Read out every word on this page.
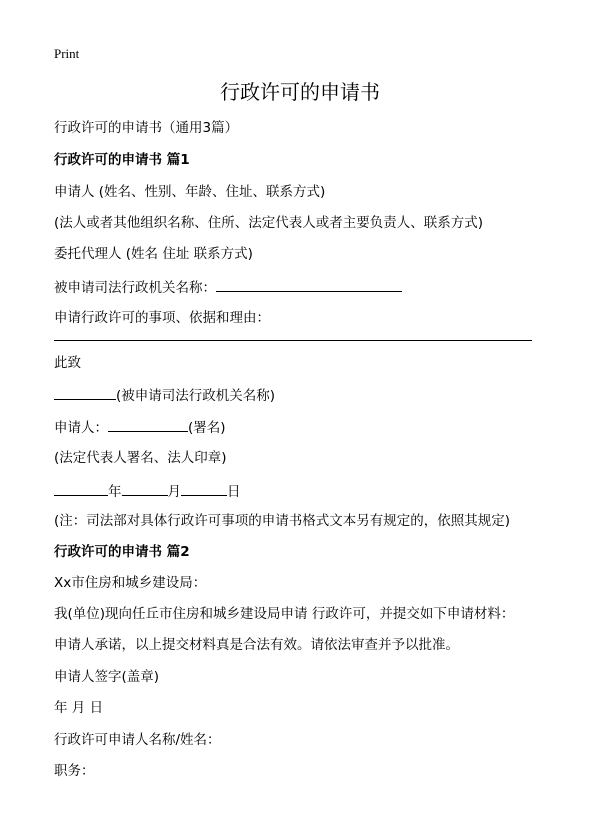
Print
行政许可的申请书
行政许可的申请书（通用3篇）
行政许可的申请书 篇1
申请人 (姓名、性别、年龄、住址、联系方式)
(法人或者其他组织名称、住所、法定代表人或者主要负责人、联系方式)
委托代理人 (姓名 住址 联系方式)
被申请司法行政机关名称：
申请行政许可的事项、依据和理由：
此致
(被申请司法行政机关名称)
申请人：	(署名)
(法定代表人署名、法人印章)
年	月	日
(注：司法部对具体行政许可事项的申请书格式文本另有规定的，依照其规定)
行政许可的申请书 篇2
Xx市住房和城乡建设局：
我(单位)现向任丘市住房和城乡建设局申请 行政许可，并提交如下申请材料：
申请人承诺，以上提交材料真是合法有效。请依法审查并予以批准。
申请人签字(盖章)
年 月 日
行政许可申请人名称/姓名：
职务：
